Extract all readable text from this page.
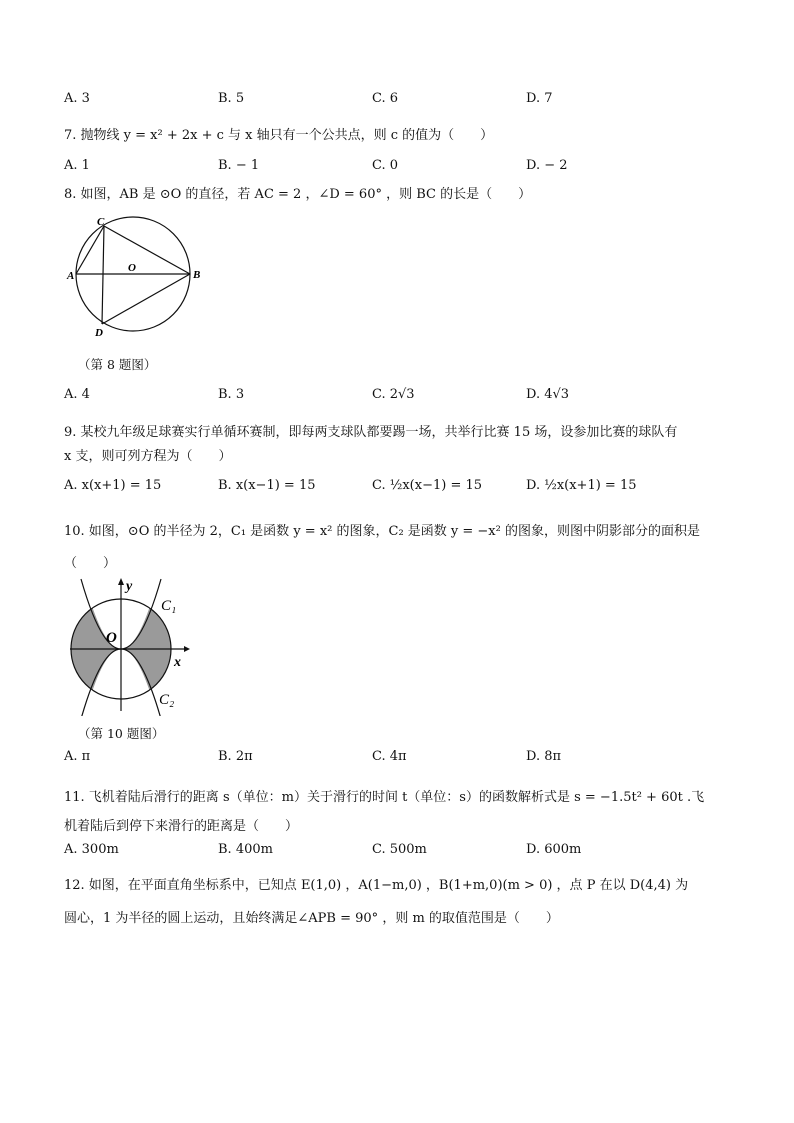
A. 3	B. 5	C. 6	D. 7
7. 抛物线 y = x² + 2x + c 与 x 轴只有一个公共点，则 c 的值为（　　）
A. 1	B. − 1	C. 0	D. − 2
8. 如图，AB 是 ⊙O 的直径，若 AC = 2 ，∠D = 60° ，则 BC 的长是（　　）
C
A
O
B
D
（第 8 题图）
A. 4	B. 3	C. 2√3	D. 4√3
9. 某校九年级足球赛实行单循环赛制，即每两支球队都要踢一场，共举行比赛 15 场，设参加比赛的球队有
x 支，则可列方程为（　　）
A. x(x+1) = 15	B. x(x−1) = 15	C. ½x(x−1) = 15	D. ½x(x+1) = 15
10. 如图，⊙O 的半径为 2，C₁ 是函数 y = x² 的图象，C₂ 是函数 y = −x² 的图象，则图中阴影部分的面积是
（　　）
y
x
O
C₁
C₂
（第 10 题图）
A. π	B. 2π	C. 4π	D. 8π
11. 飞机着陆后滑行的距离 s（单位：m）关于滑行的时间 t（单位：s）的函数解析式是 s = −1.5t² + 60t .飞
机着陆后到停下来滑行的距离是（　　）
A. 300m	B. 400m	C. 500m	D. 600m
12. 如图，在平面直角坐标系中，已知点 E(1,0) ，A(1−m,0) ，B(1+m,0)(m > 0) ，点 P 在以 D(4,4) 为
圆心，1 为半径的圆上运动，且始终满足∠APB = 90° ，则 m 的取值范围是（　　）
